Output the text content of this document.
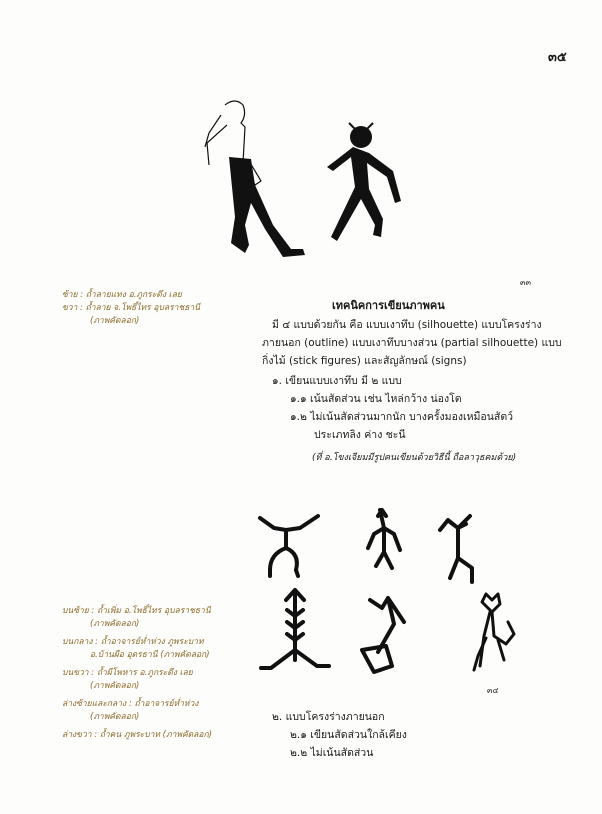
๓๕
๓๓
ซ้าย : ถ้ำลายแทง อ.ภูกระดึง เลย
ขวา : ถ้ำลาย จ.โพธิ์ไทร อุบลราชธานี
(ภาพคัดลอก)
เทคนิคการเขียนภาพคน
มี ๔ แบบด้วยกัน คือ แบบเงาทึบ (silhouette) แบบโครงร่าง
ภายนอก (outline) แบบเงาทึบบางส่วน (partial silhouette) แบบ
กิ่งไม้ (stick figures) และสัญลักษณ์ (signs)
๑. เขียนแบบเงาทึบ มี ๒ แบบ
๑.๑ เน้นสัดส่วน เช่น ไหล่กว้าง น่องโต
๑.๒ ไม่เน้นสัดส่วนมากนัก บางครั้งมองเหมือนสัตว์
ประเภทลิง ค่าง ชะนี
(ที่ อ.โขงเจียมมีรูปคนเขียนด้วยวิธีนี้ ถือลาวุธคมด้วย)
๓๔
บนซ้าย : ถ้ำเพิ่ม อ.โพธิ์ไทร อุบลราชธานี
(ภาพคัดลอก)
บนกลาง : ถ้ำอาจารย์ห่ำห่วง ภูพระบาท
อ.บ้านผือ อุดรธานี (ภาพคัดลอก)
บนขวา : ถ้ำผีโพหาร อ.ภูกระดึง เลย
(ภาพคัดลอก)
ล่างซ้ายและกลาง : ถ้ำอาจารย์ห่ำห่วง
(ภาพคัดลอก)
ล่างขวา : ถ้ำคน ภูพระบาท (ภาพคัดลอก)
๒. แบบโครงร่างภายนอก
๒.๑ เขียนสัดส่วนใกล้เคียง
๒.๒ ไม่เน้นสัดส่วน
